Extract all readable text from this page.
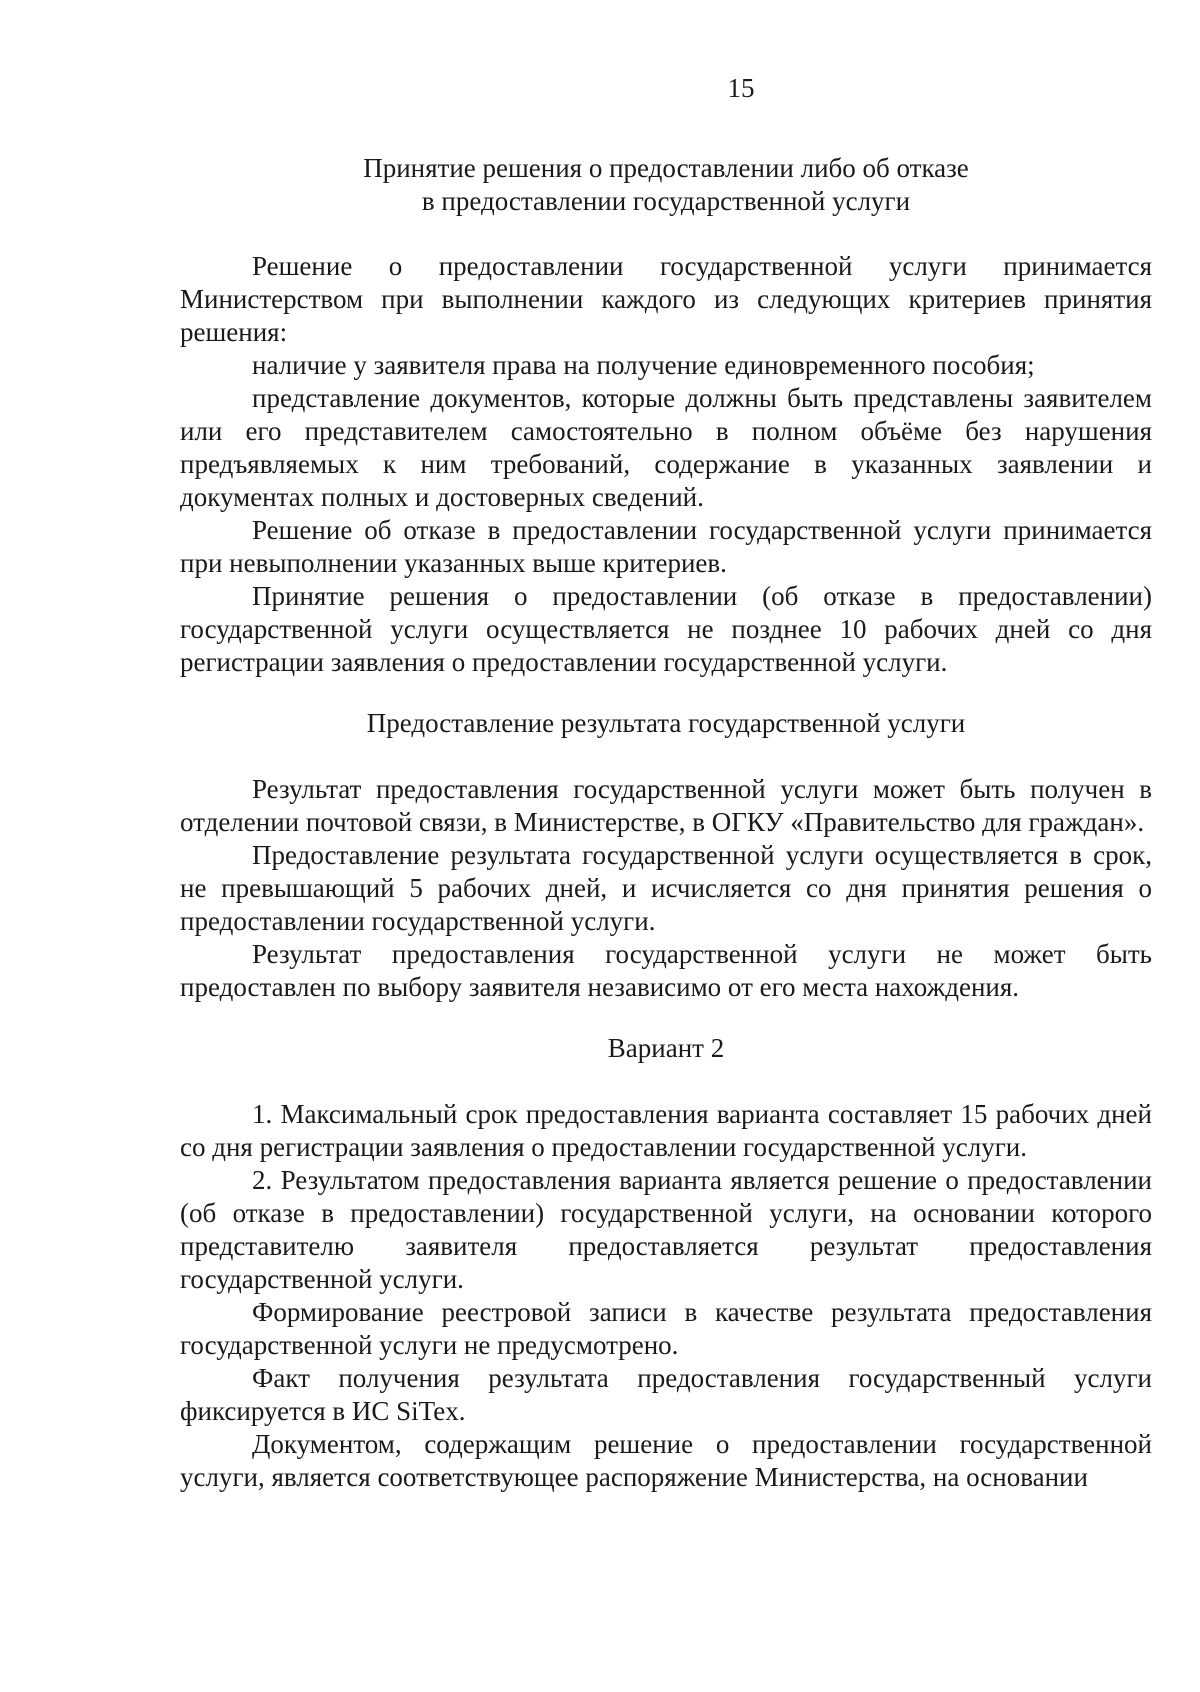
15
Принятие решения о предоставлении либо об отказе
в предоставлении государственной услуги

Решение о предоставлении государственной услуги принимается Министерством при выполнении каждого из следующих критериев принятия решения:

наличие у заявителя права на получение единовременного пособия;

представление документов, которые должны быть представлены заявителем или его представителем самостоятельно в полном объёме без нарушения предъявляемых к ним требований, содержание в указанных заявлении и документах полных и достоверных сведений.

Решение об отказе в предоставлении государственной услуги принимается при невыполнении указанных выше критериев.

Принятие решения о предоставлении (об отказе в предоставлении) государственной услуги осуществляется не позднее 10 рабочих дней со дня регистрации заявления о предоставлении государственной услуги.

Предоставление результата государственной услуги

Результат предоставления государственной услуги может быть получен в отделении почтовой связи, в Министерстве, в ОГКУ «Правительство для граждан».

Предоставление результата государственной услуги осуществляется в срок, не превышающий 5 рабочих дней, и исчисляется со дня принятия решения о предоставлении государственной услуги.

Результат предоставления государственной услуги не может быть предоставлен по выбору заявителя независимо от его места нахождения.

Вариант 2

1. Максимальный срок предоставления варианта составляет 15 рабочих дней со дня регистрации заявления о предоставлении государственной услуги.

2. Результатом предоставления варианта является решение о предоставлении (об отказе в предоставлении) государственной услуги, на основании которого представителю заявителя предоставляется результат предоставления государственной услуги.

Формирование реестровой записи в качестве результата предоставления государственной услуги не предусмотрено.

Факт получения результата предоставления государственный услуги фиксируется в ИС SiTex.

Документом, содержащим решение о предоставлении государственной услуги, является соответствующее распоряжение Министерства, на основании
